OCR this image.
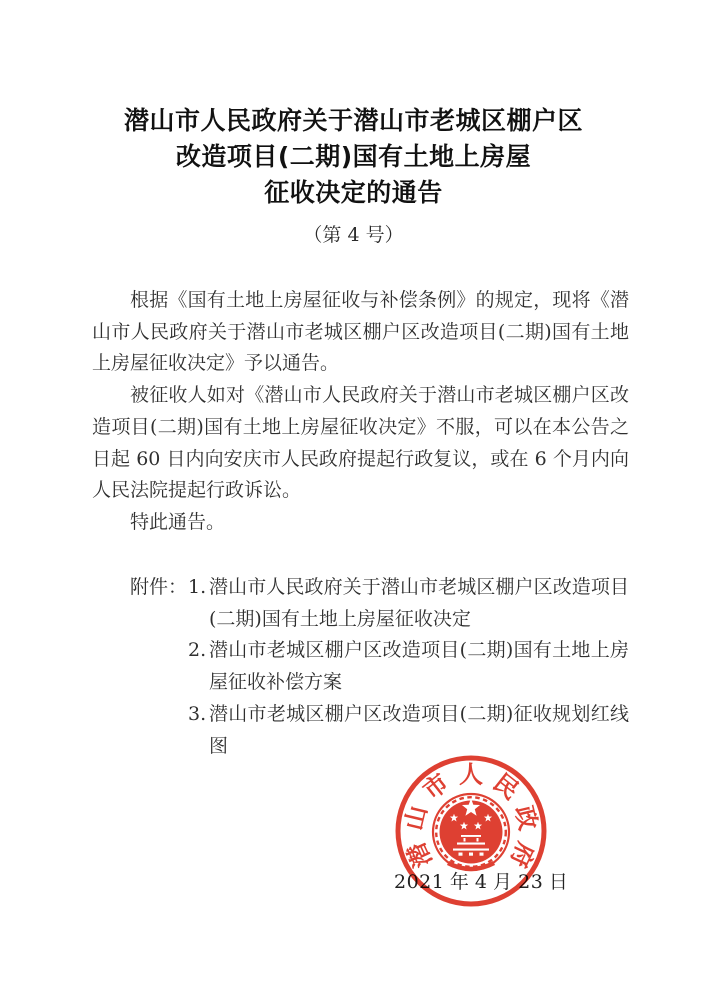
潜山市人民政府关于潜山市老城区棚户区
改造项目(二期)国有土地上房屋
征收决定的通告
（第 4 号）

根据《国有土地上房屋征收与补偿条例》的规定，现将《潜山市人民政府关于潜山市老城区棚户区改造项目(二期)国有土地上房屋征收决定》予以通告。

被征收人如对《潜山市人民政府关于潜山市老城区棚户区改造项目(二期)国有土地上房屋征收决定》不服，可以在本公告之日起 60 日内向安庆市人民政府提起行政复议，或在 6 个月内向人民法院提起行政诉讼。

特此通告。

附件： 1. 潜山市人民政府关于潜山市老城区棚户区改造项目(二期)国有土地上房屋征收决定
2. 潜山市老城区棚户区改造项目(二期)国有土地上房屋征收补偿方案
3. 潜山市老城区棚户区改造项目(二期)征收规划红线图
2021 年 4 月 23 日
潜
山
市 人 民
政
府
